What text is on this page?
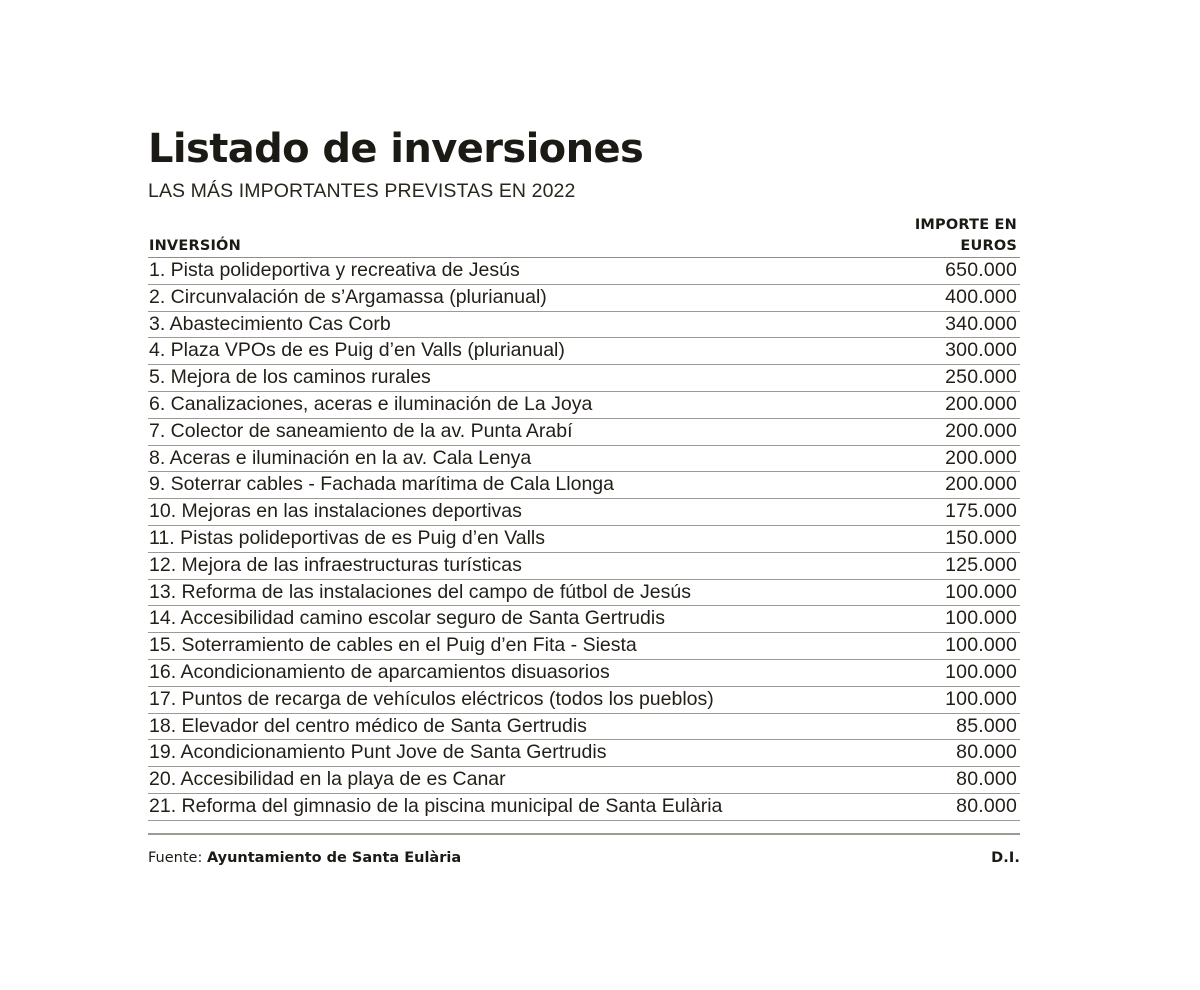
Listado de inversiones
LAS MÁS IMPORTANTES PREVISTAS EN 2022
INVERSIÓN	IMPORTE EN EUROS
1. Pista polideportiva y recreativa de Jesús	650.000
2. Circunvalación de s’Argamassa (plurianual)	400.000
3. Abastecimiento Cas Corb	340.000
4. Plaza VPOs de es Puig d’en Valls (plurianual)	300.000
5. Mejora de los caminos rurales	250.000
6. Canalizaciones, aceras e iluminación de La Joya	200.000
7. Colector de saneamiento de la av. Punta Arabí	200.000
8. Aceras e iluminación en la av. Cala Lenya	200.000
9. Soterrar cables - Fachada marítima de Cala Llonga	200.000
10. Mejoras en las instalaciones deportivas	175.000
11. Pistas polideportivas de es Puig d’en Valls	150.000
12. Mejora de las infraestructuras turísticas	125.000
13. Reforma de las instalaciones del campo de fútbol de Jesús	100.000
14. Accesibilidad camino escolar seguro de Santa Gertrudis	100.000
15. Soterramiento de cables en el Puig d’en Fita - Siesta	100.000
16. Acondicionamiento de aparcamientos disuasorios	100.000
17. Puntos de recarga de vehículos eléctricos (todos los pueblos)	100.000
18. Elevador del centro médico de Santa Gertrudis	85.000
19. Acondicionamiento Punt Jove de Santa Gertrudis	80.000
20. Accesibilidad en la playa de es Canar	80.000
21. Reforma del gimnasio de la piscina municipal de Santa Eulària	80.000
Fuente: Ayuntamiento de Santa Eulària	D.I.
